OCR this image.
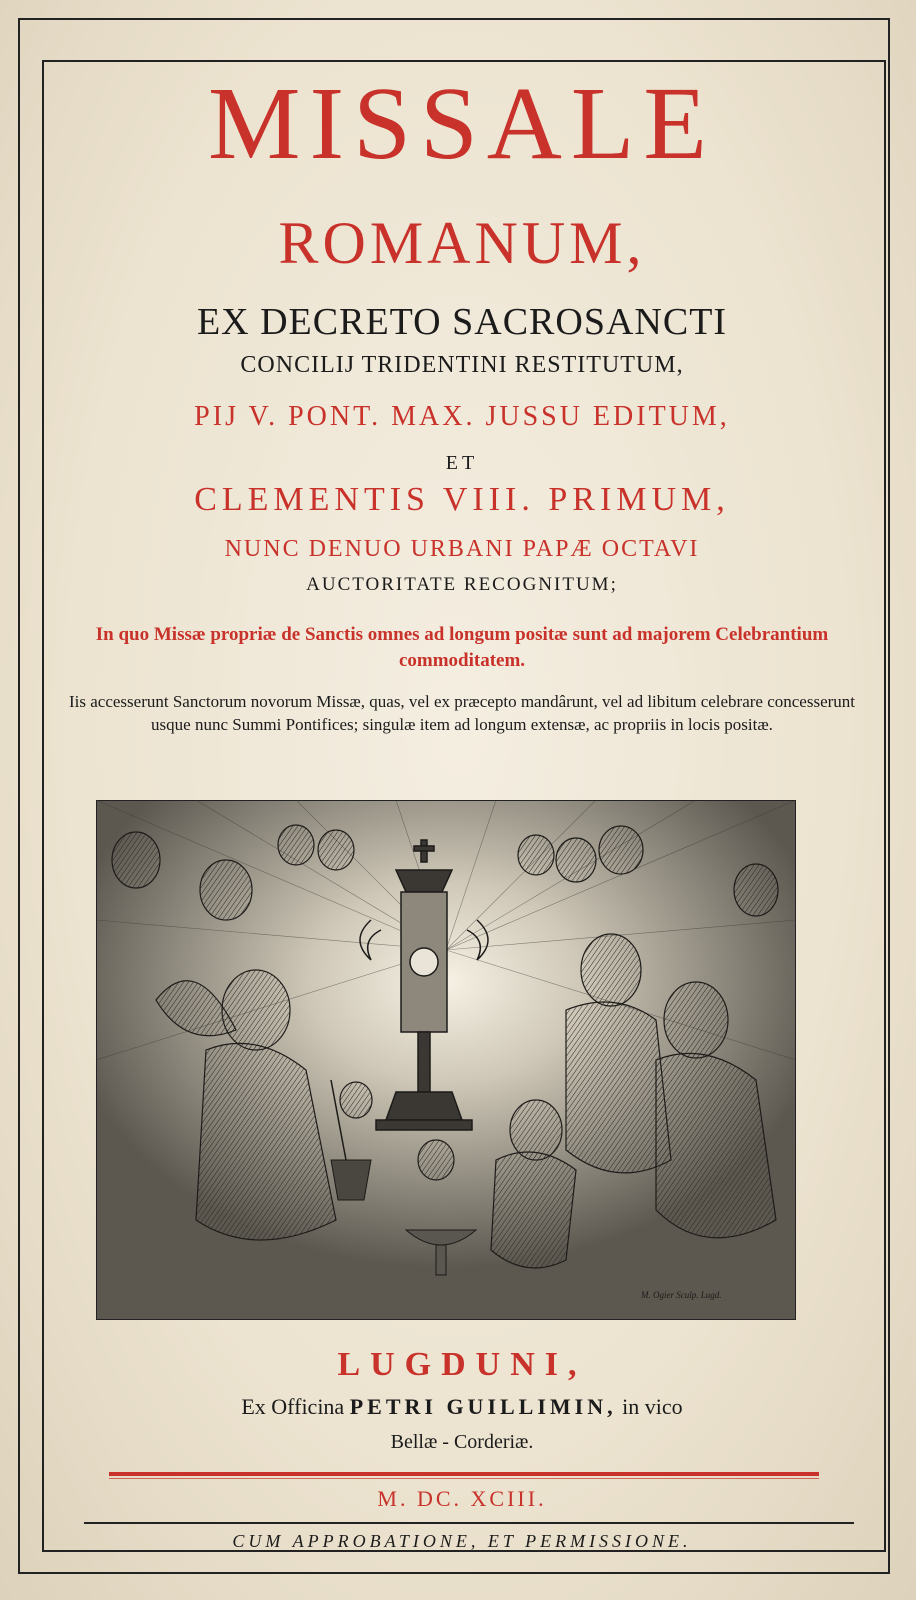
MISSALE
ROMANUM,
EX DECRETO SACROSANCTI
CONCILIJ TRIDENTINI RESTITUTUM,
PIJ V. PONT. MAX. JUSSU EDITUM,
ET
CLEMENTIS VIII. PRIMUM,
NUNC DENUO URBANI PAPÆ OCTAVI
AUCTORITATE RECOGNITUM;
In quo Missæ propriæ de Sanctis omnes ad longum positæ sunt ad majorem Celebrantium commoditatem.
Iis accesserunt Sanctorum novorum Missæ, quas, vel ex præcepto mandârunt, vel ad libitum celebrare concesserunt usque nunc Summi Pontifices; singulæ item ad longum extensæ, ac propriis in locis positæ.
M. Ogier Sculp. Lugd.
LUGDUNI,
Ex Officina PETRI GUILLIMIN, in vico
Bellæ - Corderiæ.
M. DC. XCIII.
CUM APPROBATIONE, ET PERMISSIONE.
